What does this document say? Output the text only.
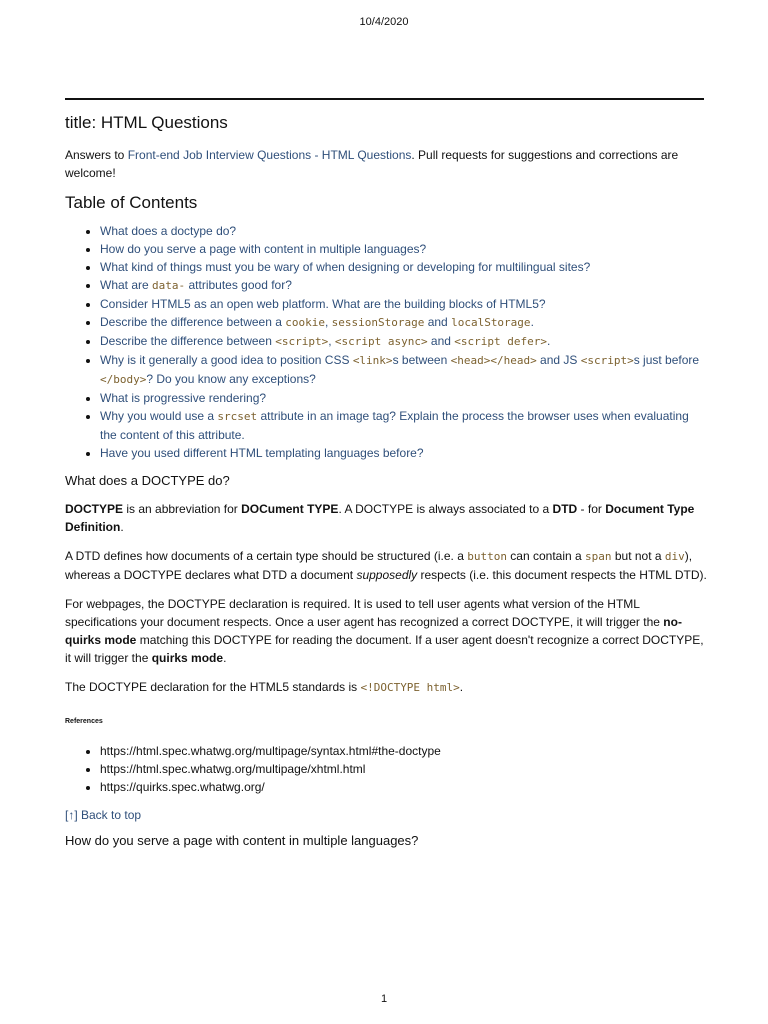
10/4/2020
title: HTML Questions

Answers to Front-end Job Interview Questions - HTML Questions. Pull requests for suggestions and corrections are welcome!

Table of Contents
• What does a doctype do?
• How do you serve a page with content in multiple languages?
• What kind of things must you be wary of when designing or developing for multilingual sites?
• What are data- attributes good for?
• Consider HTML5 as an open web platform. What are the building blocks of HTML5?
• Describe the difference between a cookie, sessionStorage and localStorage.
• Describe the difference between <script>, <script async> and <script defer>.
• Why is it generally a good idea to position CSS <link>s between <head></head> and JS <script>s just before </body>? Do you know any exceptions?
• What is progressive rendering?
• Why you would use a srcset attribute in an image tag? Explain the process the browser uses when evaluating the content of this attribute.
• Have you used different HTML templating languages before?
What does a DOCTYPE do?

DOCTYPE is an abbreviation for DOCument TYPE. A DOCTYPE is always associated to a DTD - for Document Type Definition.

A DTD defines how documents of a certain type should be structured (i.e. a button can contain a span but not a div), whereas a DOCTYPE declares what DTD a document supposedly respects (i.e. this document respects the HTML DTD).

For webpages, the DOCTYPE declaration is required. It is used to tell user agents what version of the HTML specifications your document respects. Once a user agent has recognized a correct DOCTYPE, it will trigger the no-quirks mode matching this DOCTYPE for reading the document. If a user agent doesn't recognize a correct DOCTYPE, it will trigger the quirks mode.

The DOCTYPE declaration for the HTML5 standards is <!DOCTYPE html>.

References
• https://html.spec.whatwg.org/multipage/syntax.html#the-doctype
• https://html.spec.whatwg.org/multipage/xhtml.html
• https://quirks.spec.whatwg.org/

[↑] Back to top

How do you serve a page with content in multiple languages?
1
